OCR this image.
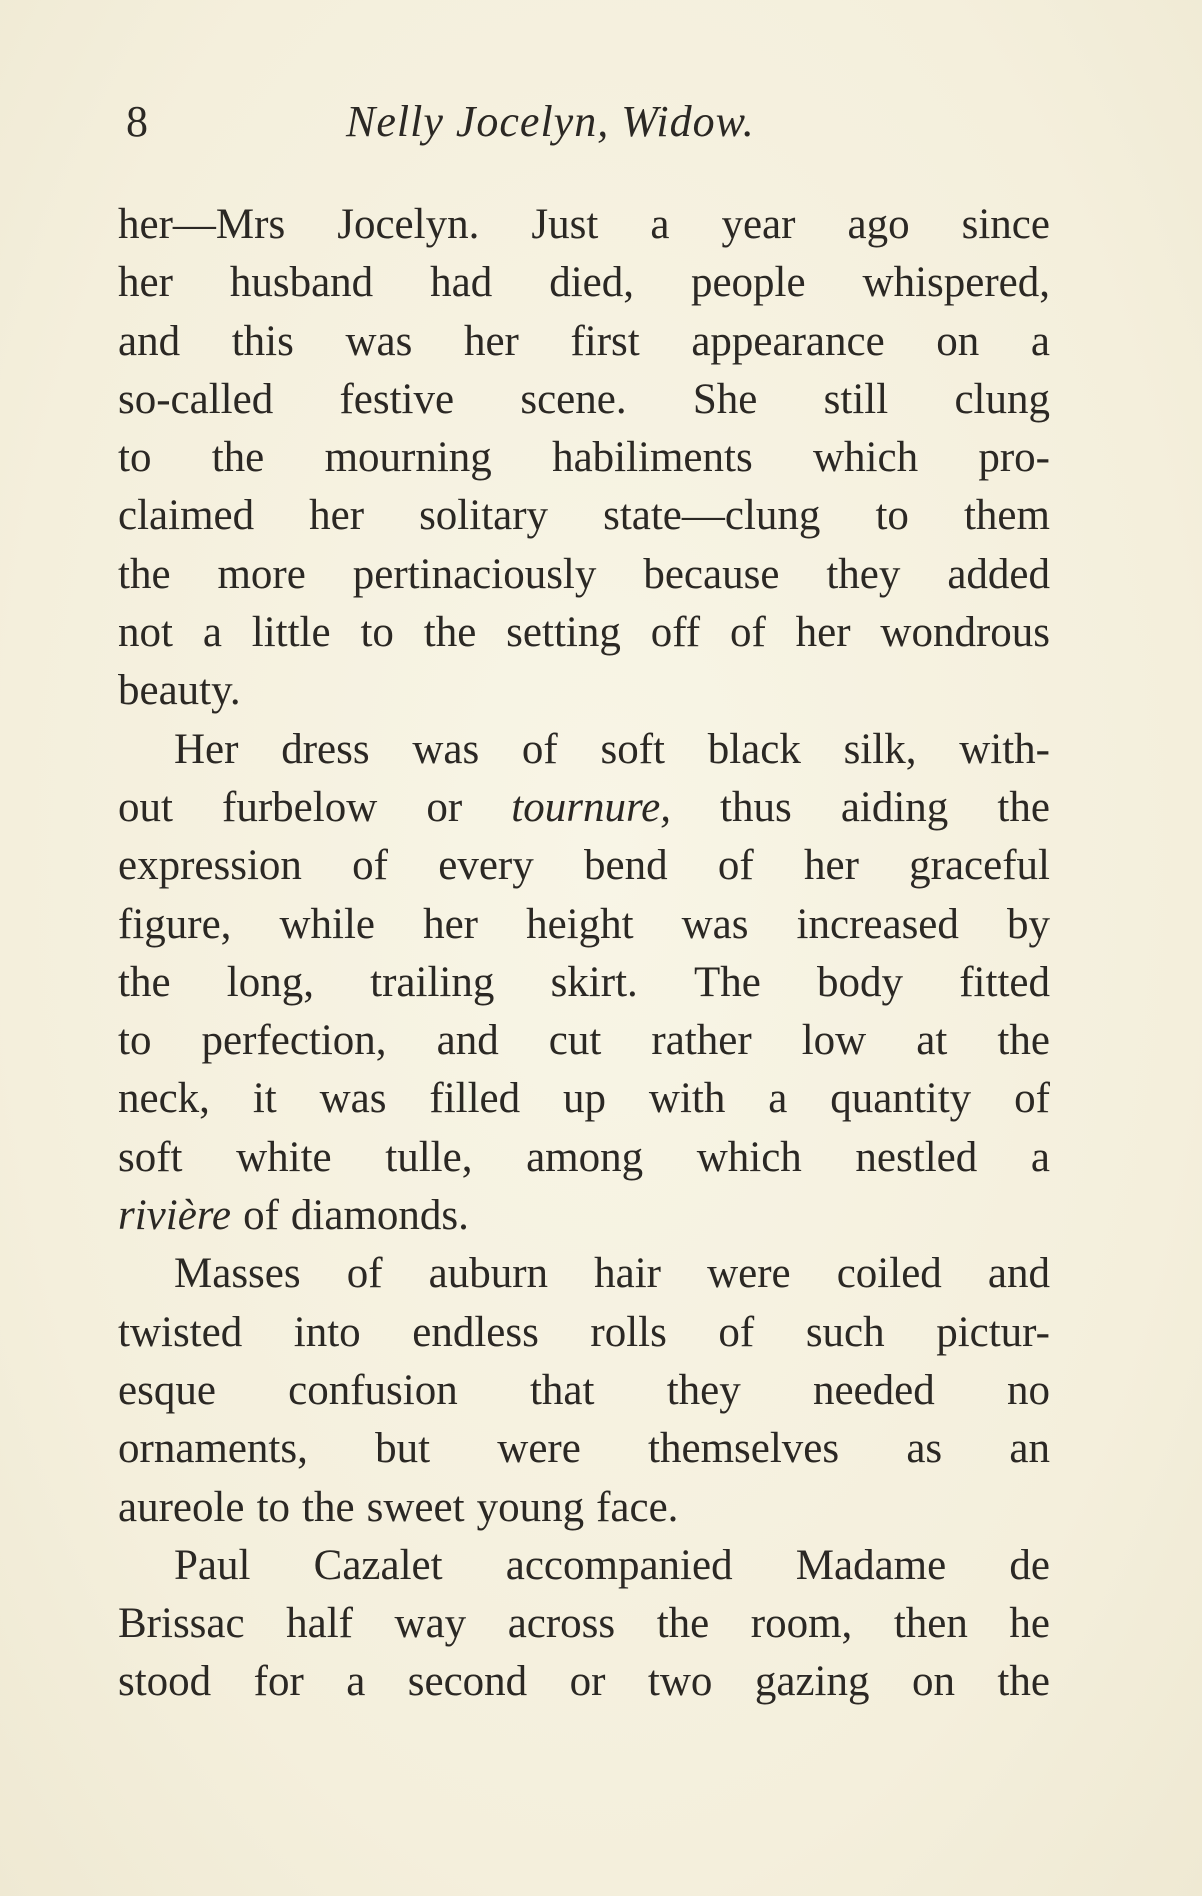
8	Nelly Jocelyn, Widow.
her—Mrs Jocelyn. Just a year ago since
her husband had died, people whispered,
and this was her first appearance on a
so-called festive scene. She still clung
to the mourning habiliments which pro-
claimed her solitary state—clung to them
the more pertinaciously because they added
not a little to the setting off of her wondrous
beauty.
Her dress was of soft black silk, with-
out furbelow or tournure, thus aiding the
expression of every bend of her graceful
figure, while her height was increased by
the long, trailing skirt. The body fitted
to perfection, and cut rather low at the
neck, it was filled up with a quantity of
soft white tulle, among which nestled a
rivière of diamonds.
Masses of auburn hair were coiled and
twisted into endless rolls of such pictur-
esque confusion that they needed no
ornaments, but were themselves as an
aureole to the sweet young face.
Paul Cazalet accompanied Madame de
Brissac half way across the room, then he
stood for a second or two gazing on the
